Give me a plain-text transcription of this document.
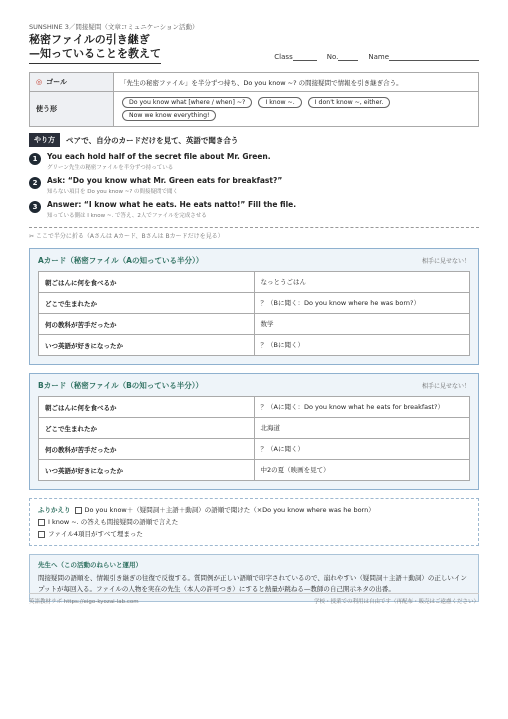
SUNSHINE 3／間接疑問（文章コミュニケーション活動）
秘密ファイルの引き継ぎ
—知っていることを教えて	Class	No.	Name
◎ ゴール	「先生の秘密ファイル」を半分ずつ持ち、Do you know ~? の間接疑問で情報を引き継ぎ合う。
使う形	Do you know what [where / when] ~? I know ~. I don't know ~, either. Now we know everything!
やり方	ペアで、自分のカードだけを見て、英語で聞き合う
1	You each hold half of the secret file about Mr. Green.
グリーン先生の秘密ファイルを半分ずつ持っている
2	Ask: “Do you know what Mr. Green eats for breakfast?”
知らない項目を Do you know ~? の間接疑問で聞く
3	Answer: “I know what he eats. He eats natto!” Fill the file.
知っている側は I know ~. で答え、2人でファイルを完成させる
✂ ここで半分に折る（Aさんは Aカード、Bさんは Bカードだけを見る）
Aカード（秘密ファイル（Aの知っている半分））	相手に見せない！
朝ごはんに何を食べるか	なっとうごはん
どこで生まれたか	？（Bに聞く：Do you know where he was born?）
何の教科が苦手だったか	数学
いつ英語が好きになったか	？（Bに聞く）
Bカード（秘密ファイル（Bの知っている半分））	相手に見せない！
朝ごはんに何を食べるか	？（Aに聞く：Do you know what he eats for breakfast?）
どこで生まれたか	北海道
何の教科が苦手だったか	？（Aに聞く）
いつ英語が好きになったか	中2の夏（映画を見て）
ふりかえり Do you know＋（疑問詞＋主語＋動詞）の語順で聞けた（×Do you know where was he born）
I know ~. の答えも間接疑問の語順で言えた
ファイル4項目がすべて埋まった
先生へ（この活動のねらいと運用）
間接疑問の語順を、情報引き継ぎの往復で反復する。質問例が正しい語順で印字されているので、崩れやすい（疑問詞＋主語＋動詞）の正しいインプットが毎回入る。ファイルの人物を実在の先生（本人の許可つき）にすると熱量が跳ねる—教師の自己開示ネタの出番。
英語教材ラボ https://eigo-kyozai-lab.com	学校・授業での利用は自由です（再配布・販売はご遠慮ください）
